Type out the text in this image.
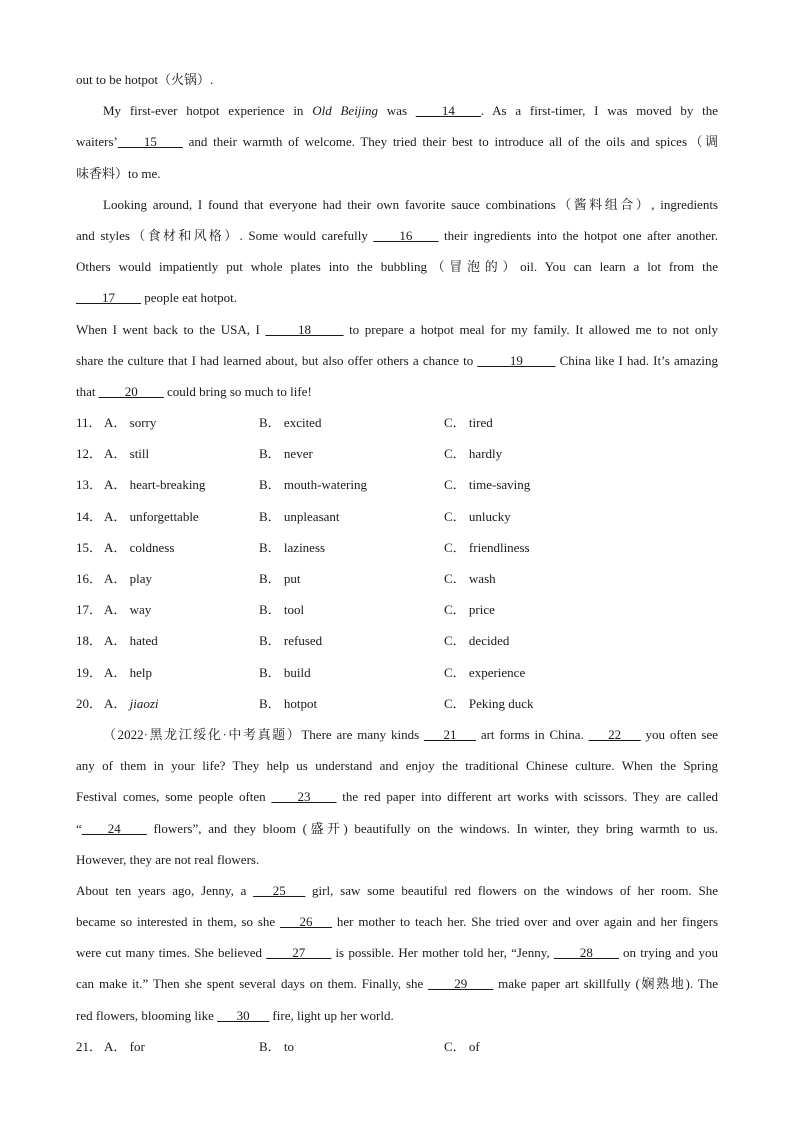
out to be hotpot（火锅）.
My first-ever hotpot experience in Old Beijing was ____14____. As a first-timer, I was moved by the
waiters’____15____ and their warmth of welcome. They tried their best to introduce all of the oils and spices（调
味香料）to me.
Looking around, I found that everyone had their own favorite sauce combinations（酱料组合）, ingredients
and styles（食材和风格）. Some would carefully ____16____ their ingredients into the hotpot one after another.
Others would impatiently put whole plates into the bubbling（冒泡的）oil. You can learn a lot from the
____17____ people eat hotpot.
When I went back to the USA, I _____18_____ to prepare a hotpot meal for my family. It allowed me to not only
share the culture that I had learned about, but also offer others a chance to _____19_____ China like I had. It’s amazing
that ____20____ could bring so much to life!
11． A． sorry	B． excited	C． tired
12． A． still	B． never	C． hardly
13． A． heart-breaking	B． mouth-watering	C． time-saving
14． A． unforgettable	B． unpleasant	C． unlucky
15． A． coldness	B． laziness	C． friendliness
16． A． play	B． put	C． wash
17． A． way	B． tool	C． price
18． A． hated	B． refused	C． decided
19． A． help	B． build	C． experience
20． A． jiaozi	B． hotpot	C． Peking duck
（2022·黑龙江绥化·中考真题）There are many kinds ___21___ art forms in China. ___22___ you often see
any of them in your life? They help us understand and enjoy the traditional Chinese culture. When the Spring
Festival comes, some people often ____23____ the red paper into different art works with scissors. They are called
“____24____ flowers”, and they bloom (盛开) beautifully on the windows. In winter, they bring warmth to us.
However, they are not real flowers.
About ten years ago, Jenny, a ___25___ girl, saw some beautiful red flowers on the windows of her room. She
became so interested in them, so she ___26___ her mother to teach her. She tried over and over again and her fingers
were cut many times. She believed ____27____ is possible. Her mother told her, “Jenny, ____28____ on trying and you
can make it.” Then she spent several days on them. Finally, she ____29____ make paper art skillfully (娴熟地). The
red flowers, blooming like ___30___ fire, light up her world.
21． A． for	B． to	C． of
